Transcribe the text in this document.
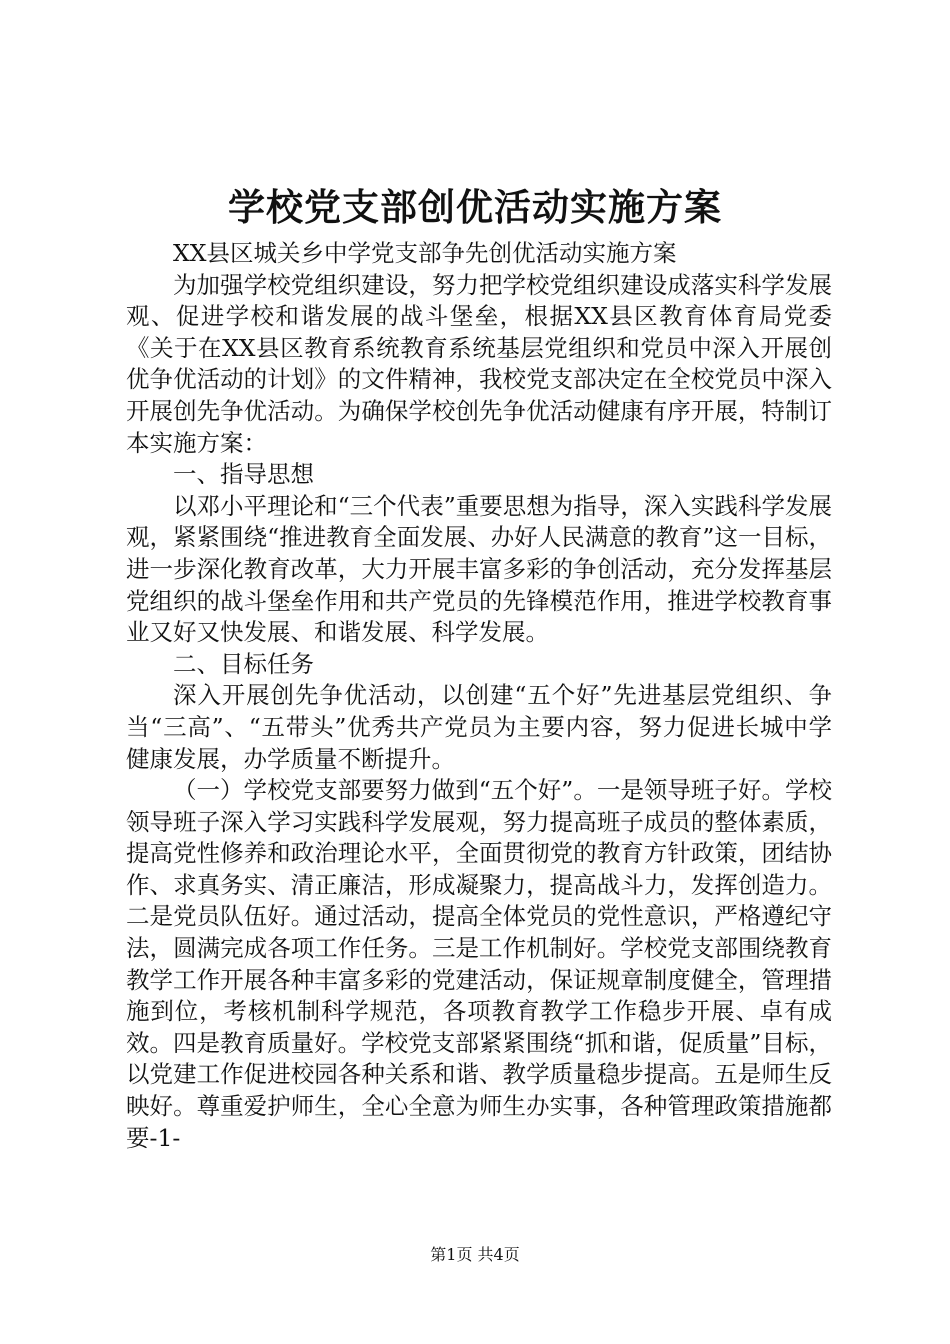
学校党支部创优活动实施方案

XX县区城关乡中学党支部争先创优活动实施方案

为加强学校党组织建设，努力把学校党组织建设成落实科学发展观、促进学校和谐发展的战斗堡垒，根据XX县区教育体育局党委《关于在XX县区教育系统教育系统基层党组织和党员中深入开展创优争优活动的计划》的文件精神，我校党支部决定在全校党员中深入开展创先争优活动。为确保学校创先争优活动健康有序开展，特制订本实施方案：

一、指导思想

以邓小平理论和“三个代表”重要思想为指导，深入实践科学发展观，紧紧围绕“推进教育全面发展、办好人民满意的教育”这一目标，进一步深化教育改革，大力开展丰富多彩的争创活动，充分发挥基层党组织的战斗堡垒作用和共产党员的先锋模范作用，推进学校教育事业又好又快发展、和谐发展、科学发展。

二、目标任务

深入开展创先争优活动，以创建“五个好”先进基层党组织、争当“三高”、“五带头”优秀共产党员为主要内容，努力促进长城中学健康发展，办学质量不断提升。

（一）学校党支部要努力做到“五个好”。一是领导班子好。学校领导班子深入学习实践科学发展观，努力提高班子成员的整体素质，提高党性修养和政治理论水平，全面贯彻党的教育方针政策，团结协作、求真务实、清正廉洁，形成凝聚力，提高战斗力，发挥创造力。二是党员队伍好。通过活动，提高全体党员的党性意识，严格遵纪守法，圆满完成各项工作任务。三是工作机制好。学校党支部围绕教育教学工作开展各种丰富多彩的党建活动，保证规章制度健全，管理措施到位，考核机制科学规范，各项教育教学工作稳步开展、卓有成效。四是教育质量好。学校党支部紧紧围绕“抓和谐，促质量”目标，以党建工作促进校园各种关系和谐、教学质量稳步提高。五是师生反映好。尊重爱护师生，全心全意为师生办实事，各种管理政策措施都要-1-

第1页 共4页
